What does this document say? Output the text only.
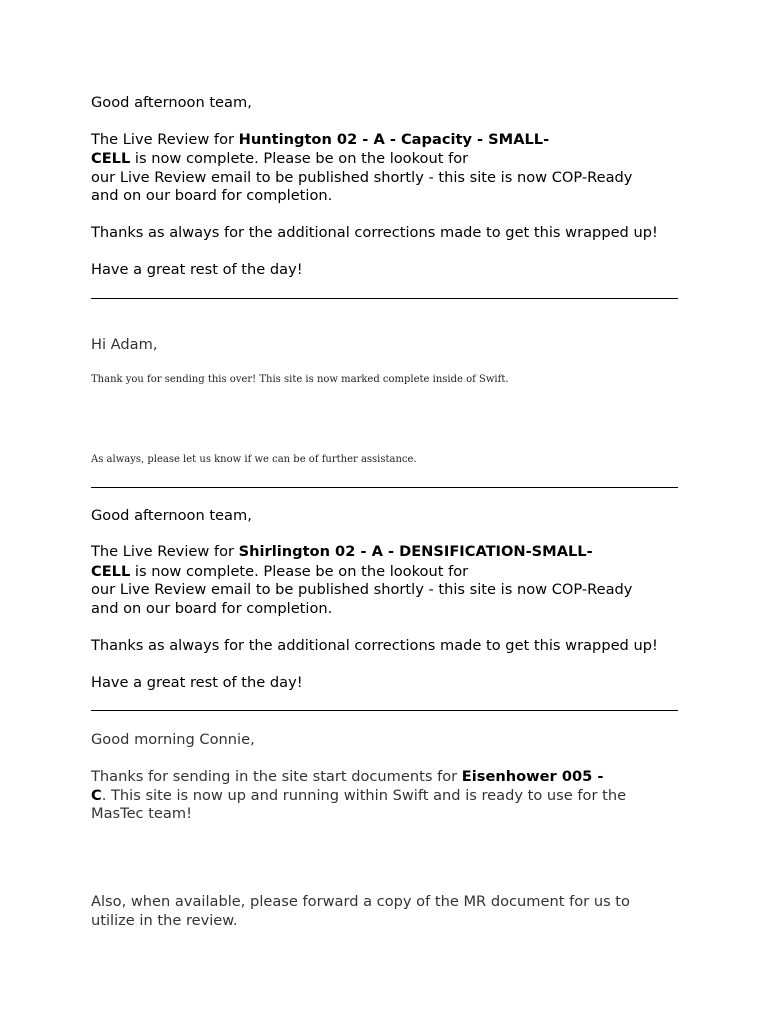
Good afternoon team,
The Live Review for Huntington 02 - A - Capacity - SMALL-
CELL is now complete. Please be on the lookout for
our Live Review email to be published shortly - this site is now COP-Ready
and on our board for completion.
Thanks as always for the additional corrections made to get this wrapped up!
Have a great rest of the day!
Hi Adam,
Thank you for sending this over! This site is now marked complete inside of Swift.
As always, please let us know if we can be of further assistance.
Good afternoon team,
The Live Review for Shirlington 02 - A - DENSIFICATION-SMALL-
CELL is now complete. Please be on the lookout for
our Live Review email to be published shortly - this site is now COP-Ready
and on our board for completion.
Thanks as always for the additional corrections made to get this wrapped up!
Have a great rest of the day!
Good morning Connie,
Thanks for sending in the site start documents for Eisenhower 005 -
C. This site is now up and running within Swift and is ready to use for the
MasTec team!
Also, when available, please forward a copy of the MR document for us to
utilize in the review.
